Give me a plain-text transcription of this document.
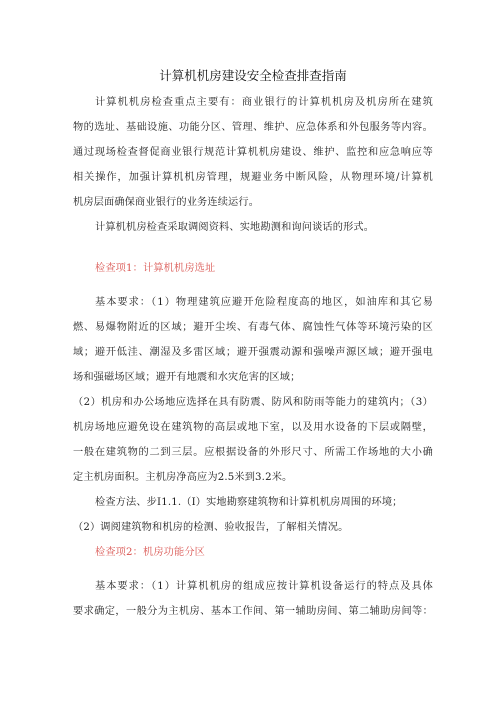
计算机机房建设安全检查排查指南
计算机机房检查重点主要有：商业银行的计算机机房及机房所在建筑
物的选址、基础设施、功能分区、管理、维护、应急体系和外包服务等内容。
通过现场检查督促商业银行规范计算机机房建设、维护、监控和应急响应等
相关操作，加强计算机机房管理，规避业务中断风险，从物理环境/计算机
机房层面确保商业银行的业务连续运行。
计算机机房检查采取调阅资料、实地勘测和询问谈话的形式。
检查项1：计算机机房选址
基本要求：（1）物理建筑应避开危险程度高的地区，如油库和其它易
燃、易爆物附近的区域；避开尘埃、有毒气体、腐蚀性气体等环境污染的区
域；避开低洼、潮湿及多雷区域；避开强震动源和强噪声源区域；避开强电
场和强磁场区域；避开有地震和水灾危害的区域；
（2）机房和办公场地应选择在具有防震、防风和防雨等能力的建筑内；（3）
机房场地应避免设在建筑物的高层或地下室，以及用水设备的下层或隔壁，
一般在建筑物的二到三层。应根据设备的外形尺寸、所需工作场地的大小确
定主机房面积。主机房净高应为2.5米到3.2米。
检查方法、步I1.1.（I）实地勘察建筑物和计算机机房周围的环境；
（2）调阅建筑物和机房的检测、验收报告，了解相关情况。
检查项2：机房功能分区
基本要求：（1）计算机机房的组成应按计算机设备运行的特点及具体
要求确定，一般分为主机房、基本工作间、第一辅助房间、第二辅助房间等：
